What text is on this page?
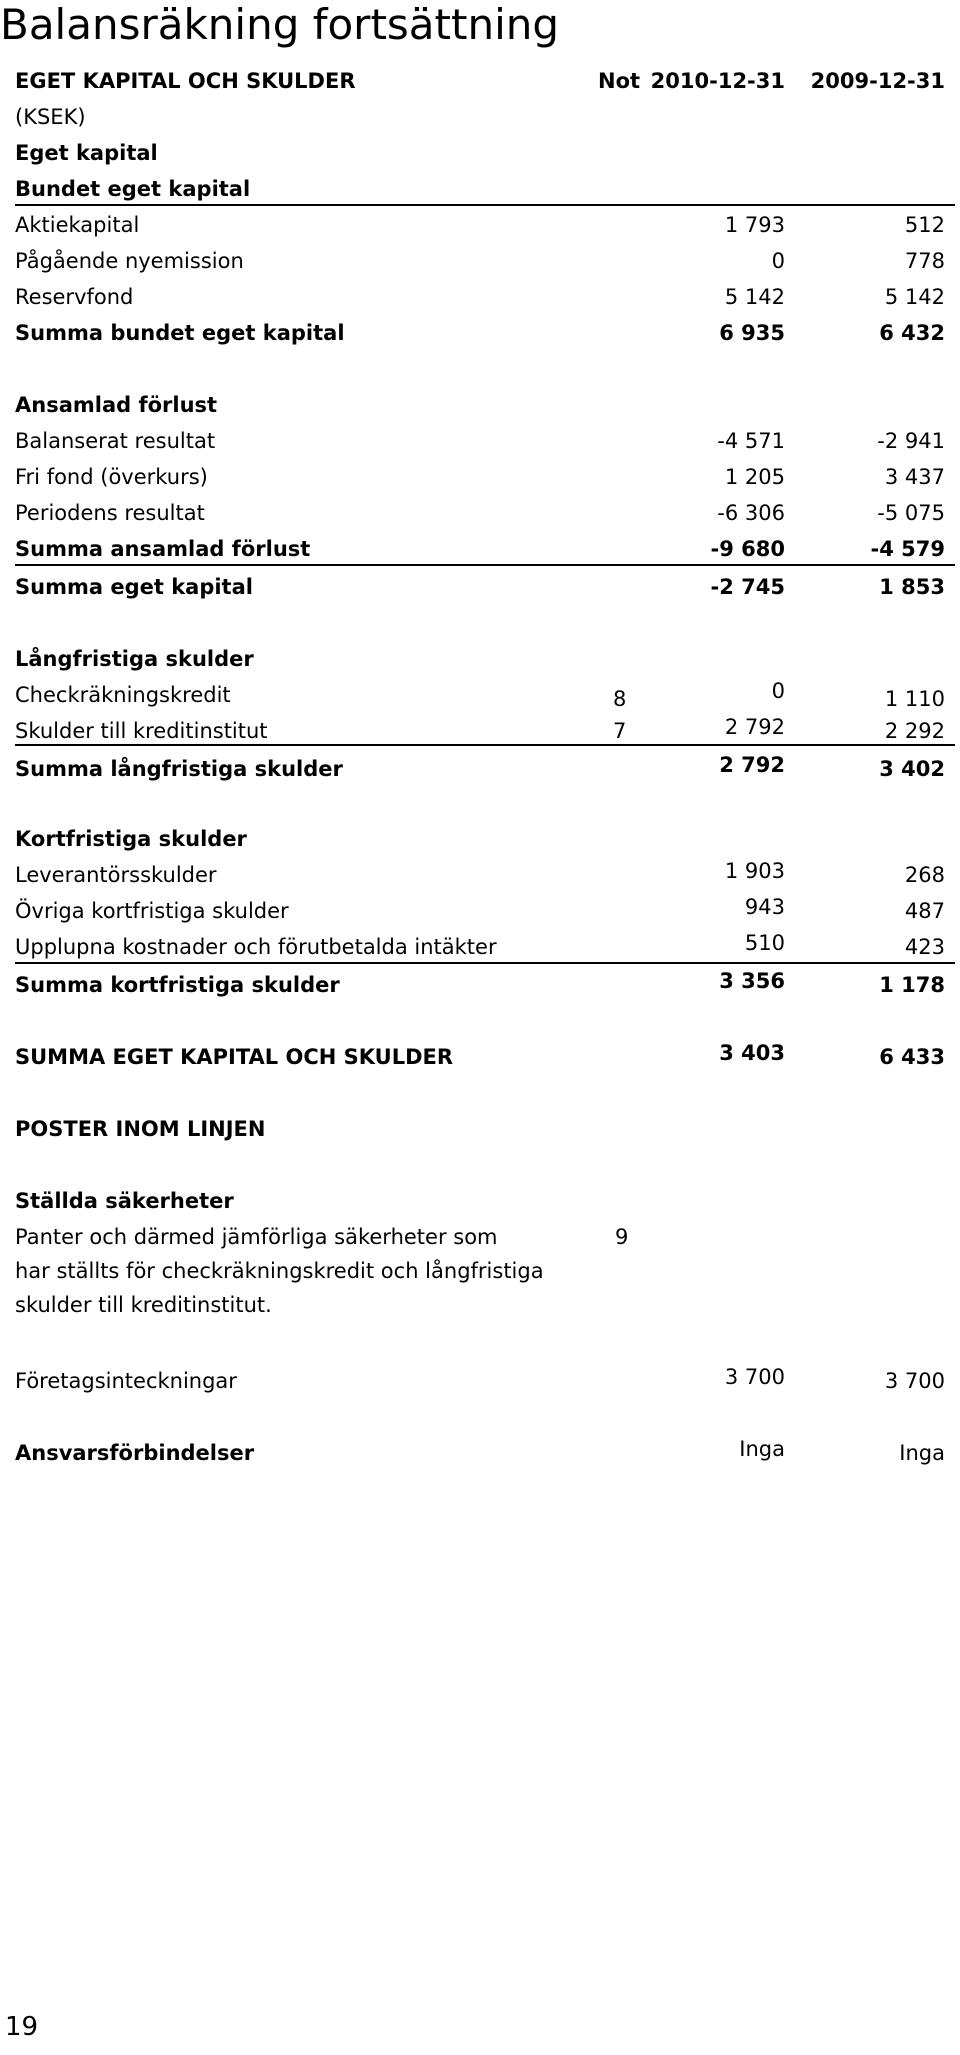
Balansräkning fortsättning
EGET KAPITAL OCH SKULDER	Not 2010-12-31 2009-12-31
(KSEK)
Eget kapital
Bundet eget kapital
Aktiekapital	1 793	512
Pågående nyemission	0	778
Reservfond	5 142	5 142
Summa bundet eget kapital	6 935	6 432
Ansamlad förlust
Balanserat resultat	-4 571	-2 941
Fri fond (överkurs)	1 205	3 437
Periodens resultat	-6 306	-5 075
Summa ansamlad förlust	-9 680	-4 579
Summa eget kapital	-2 745	1 853
Långfristiga skulder
Checkräkningskredit	8	0	1 110
Skulder till kreditinstitut	7	2 792	2 292
Summa långfristiga skulder	2 792	3 402
Kortfristiga skulder
Leverantörsskulder	1 903	268
Övriga kortfristiga skulder	943	487
Upplupna kostnader och förutbetalda intäkter	510	423
Summa kortfristiga skulder	3 356	1 178
SUMMA EGET KAPITAL OCH SKULDER	3 403	6 433
POSTER INOM LINJEN
Ställda säkerheter
Panter och därmed jämförliga säkerheter som	9
har ställts för checkräkningskredit och långfristiga
skulder till kreditinstitut.
Företagsinteckningar	3 700	3 700
Ansvarsförbindelser	Inga	Inga
19
